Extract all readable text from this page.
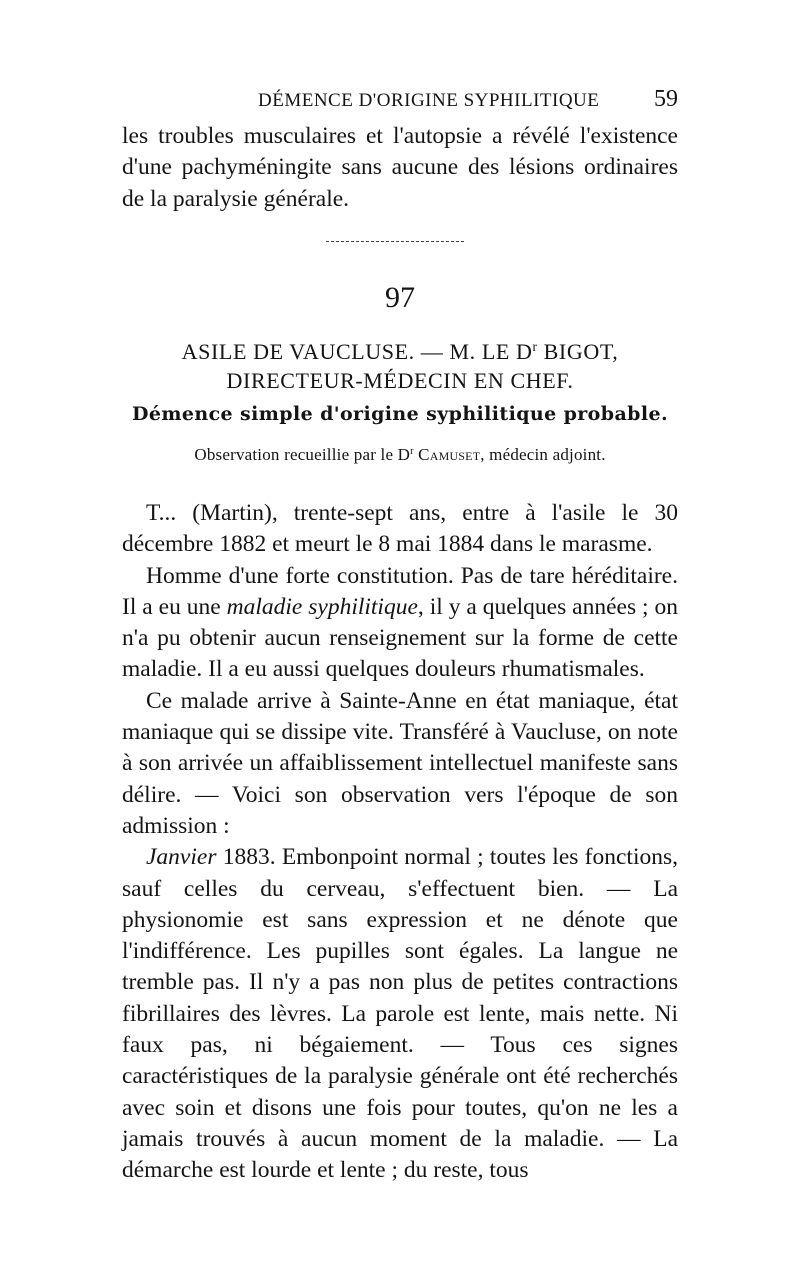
DÉMENCE D'ORIGINE SYPHILITIQUE 59

les troubles musculaires et l'autopsie a révélé l'existence d'une pachyméningite sans aucune des lésions ordinaires de la paralysie générale.

97
ASILE DE VAUCLUSE. — M. LE $D^r$ BIGOT,
DIRECTEUR-MÉDECIN EN CHEF.
Démence simple d'origine syphilitique probable.
Observation recueillie par le $D^r$ Camuset, médecin adjoint.

T... (Martin), trente-sept ans, entre à l'asile le 30 décembre 1882 et meurt le 8 mai 1884 dans le marasme.

Homme d'une forte constitution. Pas de tare héréditaire. Il a eu une maladie syphilitique, il y a quelques années ; on n'a pu obtenir aucun renseignement sur la forme de cette maladie. Il a eu aussi quelques douleurs rhumatismales.

Ce malade arrive à Sainte-Anne en état maniaque, état maniaque qui se dissipe vite. Transféré à Vaucluse, on note à son arrivée un affaiblissement intellectuel manifeste sans délire. — Voici son observation vers l'époque de son admission :

Janvier 1883. Embonpoint normal ; toutes les fonctions, sauf celles du cerveau, s'effectuent bien. — La physionomie est sans expression et ne dénote que l'indifférence. Les pupilles sont égales. La langue ne tremble pas. Il n'y a pas non plus de petites contractions fibrillaires des lèvres. La parole est lente, mais nette. Ni faux pas, ni bégaiement. — Tous ces signes caractéristiques de la paralysie générale ont été recherchés avec soin et disons une fois pour toutes, qu'on ne les a jamais trouvés à aucun moment de la maladie. — La démarche est lourde et lente ; du reste, tous
